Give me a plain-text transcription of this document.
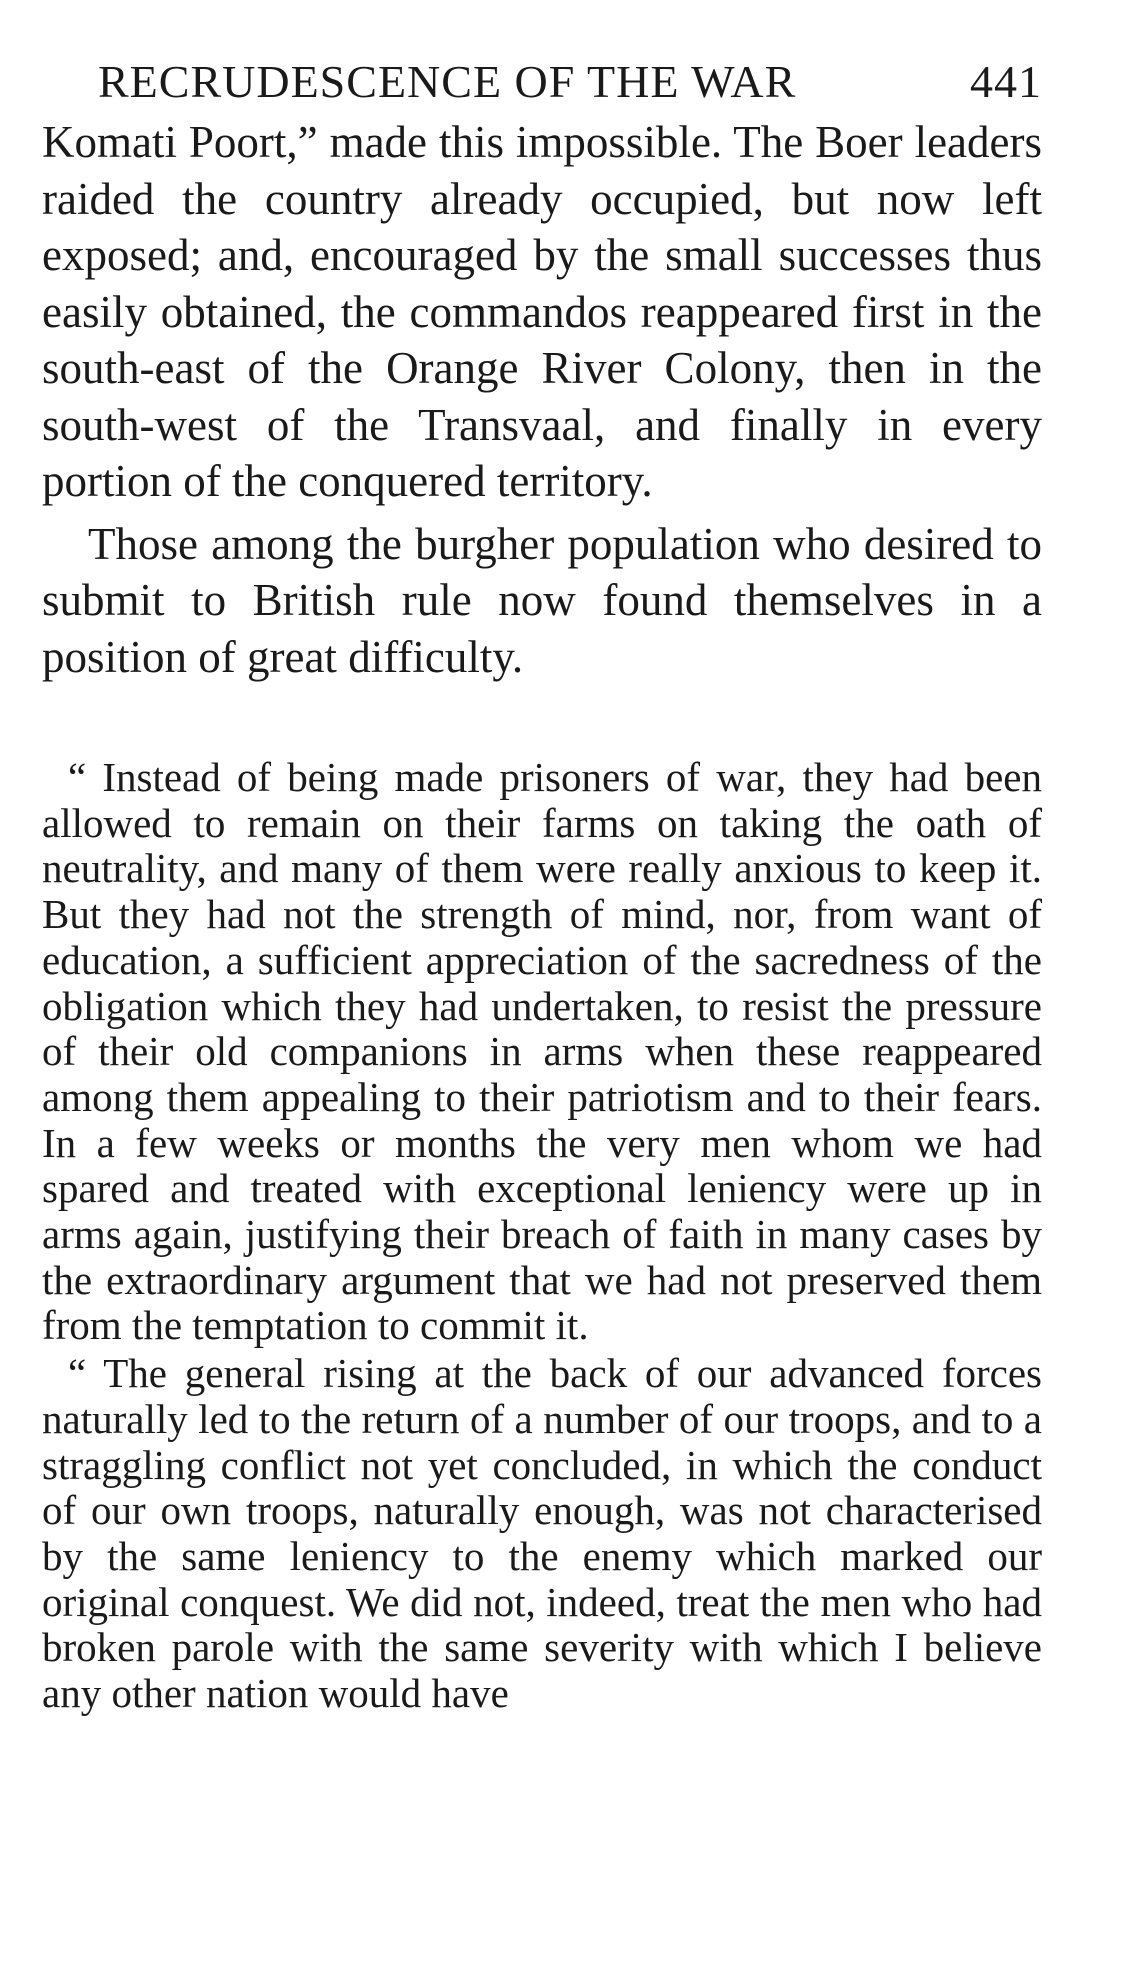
RECRUDESCENCE OF THE WAR	441

Komati Poort,” made this impossible. The Boer leaders raided the country already occupied, but now left exposed; and, encouraged by the small successes thus easily obtained, the commandos reappeared first in the south-east of the Orange River Colony, then in the south-west of the Transvaal, and finally in every portion of the conquered territory.

Those among the burgher population who desired to submit to British rule now found themselves in a position of great difficulty.

“ Instead of being made prisoners of war, they had been allowed to remain on their farms on taking the oath of neutrality, and many of them were really anxious to keep it. But they had not the strength of mind, nor, from want of education, a sufficient appreciation of the sacredness of the obligation which they had undertaken, to resist the pressure of their old companions in arms when these reappeared among them appealing to their patriotism and to their fears. In a few weeks or months the very men whom we had spared and treated with exceptional leniency were up in arms again, justifying their breach of faith in many cases by the extraordinary argument that we had not preserved them from the temptation to commit it.

“ The general rising at the back of our advanced forces naturally led to the return of a number of our troops, and to a straggling conflict not yet concluded, in which the conduct of our own troops, naturally enough, was not characterised by the same leniency to the enemy which marked our original conquest. We did not, indeed, treat the men who had broken parole with the same severity with which I believe any other nation would have
